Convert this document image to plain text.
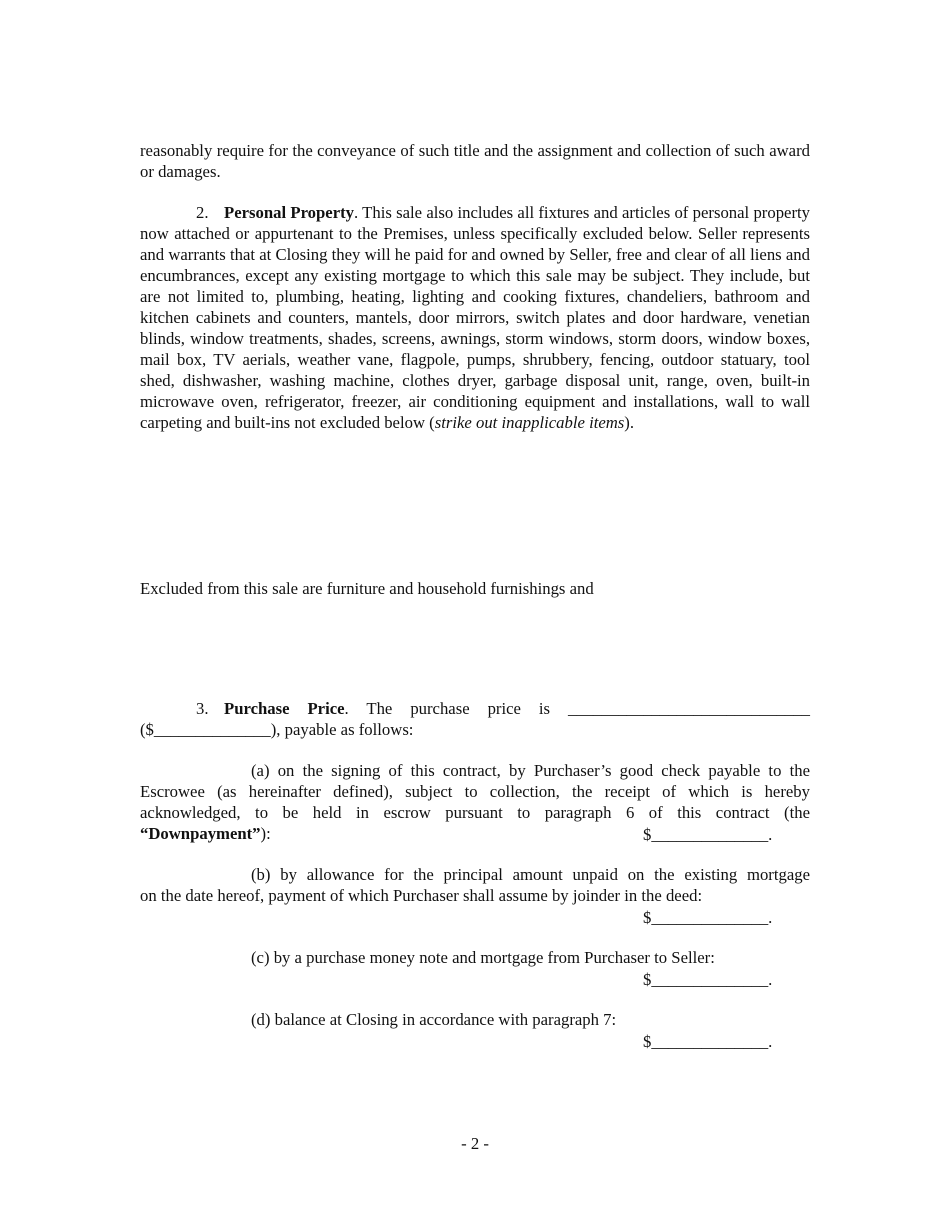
reasonably require for the conveyance of such title and the assignment and collection of such award or damages.

2. Personal Property. This sale also includes all fixtures and articles of personal property now attached or appurtenant to the Premises, unless specifically excluded below. Seller represents and warrants that at Closing they will he paid for and owned by Seller, free and clear of all liens and encumbrances, except any existing mortgage to which this sale may be subject. They include, but are not limited to, plumbing, heating, lighting and cooking fixtures, chandeliers, bathroom and kitchen cabinets and counters, mantels, door mirrors, switch plates and door hardware, venetian blinds, window treatments, shades, screens, awnings, storm windows, storm doors, window boxes, mail box, TV aerials, weather vane, flagpole, pumps, shrubbery, fencing, outdoor statuary, tool shed, dishwasher, washing machine, clothes dryer, garbage disposal unit, range, oven, built-in microwave oven, refrigerator, freezer, air conditioning equipment and installations, wall to wall carpeting and built-ins not excluded below (strike out inapplicable items).

Excluded from this sale are furniture and household furnishings and

3. Purchase Price. The purchase price is _____________________________
($______________), payable as follows:

(a) on the signing of this contract, by Purchaser’s good check payable to the Escrowee (as hereinafter defined), subject to collection, the receipt of which is hereby acknowledged, to be held in escrow pursuant to paragraph 6 of this contract (the “Downpayment”):	$______________.

(b) by allowance for the principal amount unpaid on the existing mortgage
on the date hereof, payment of which Purchaser shall assume by joinder in the deed:

$______________.

(c) by a purchase money note and mortgage from Purchaser to Seller:

$______________.

(d) balance at Closing in accordance with paragraph 7:

$______________.
- 2 -
